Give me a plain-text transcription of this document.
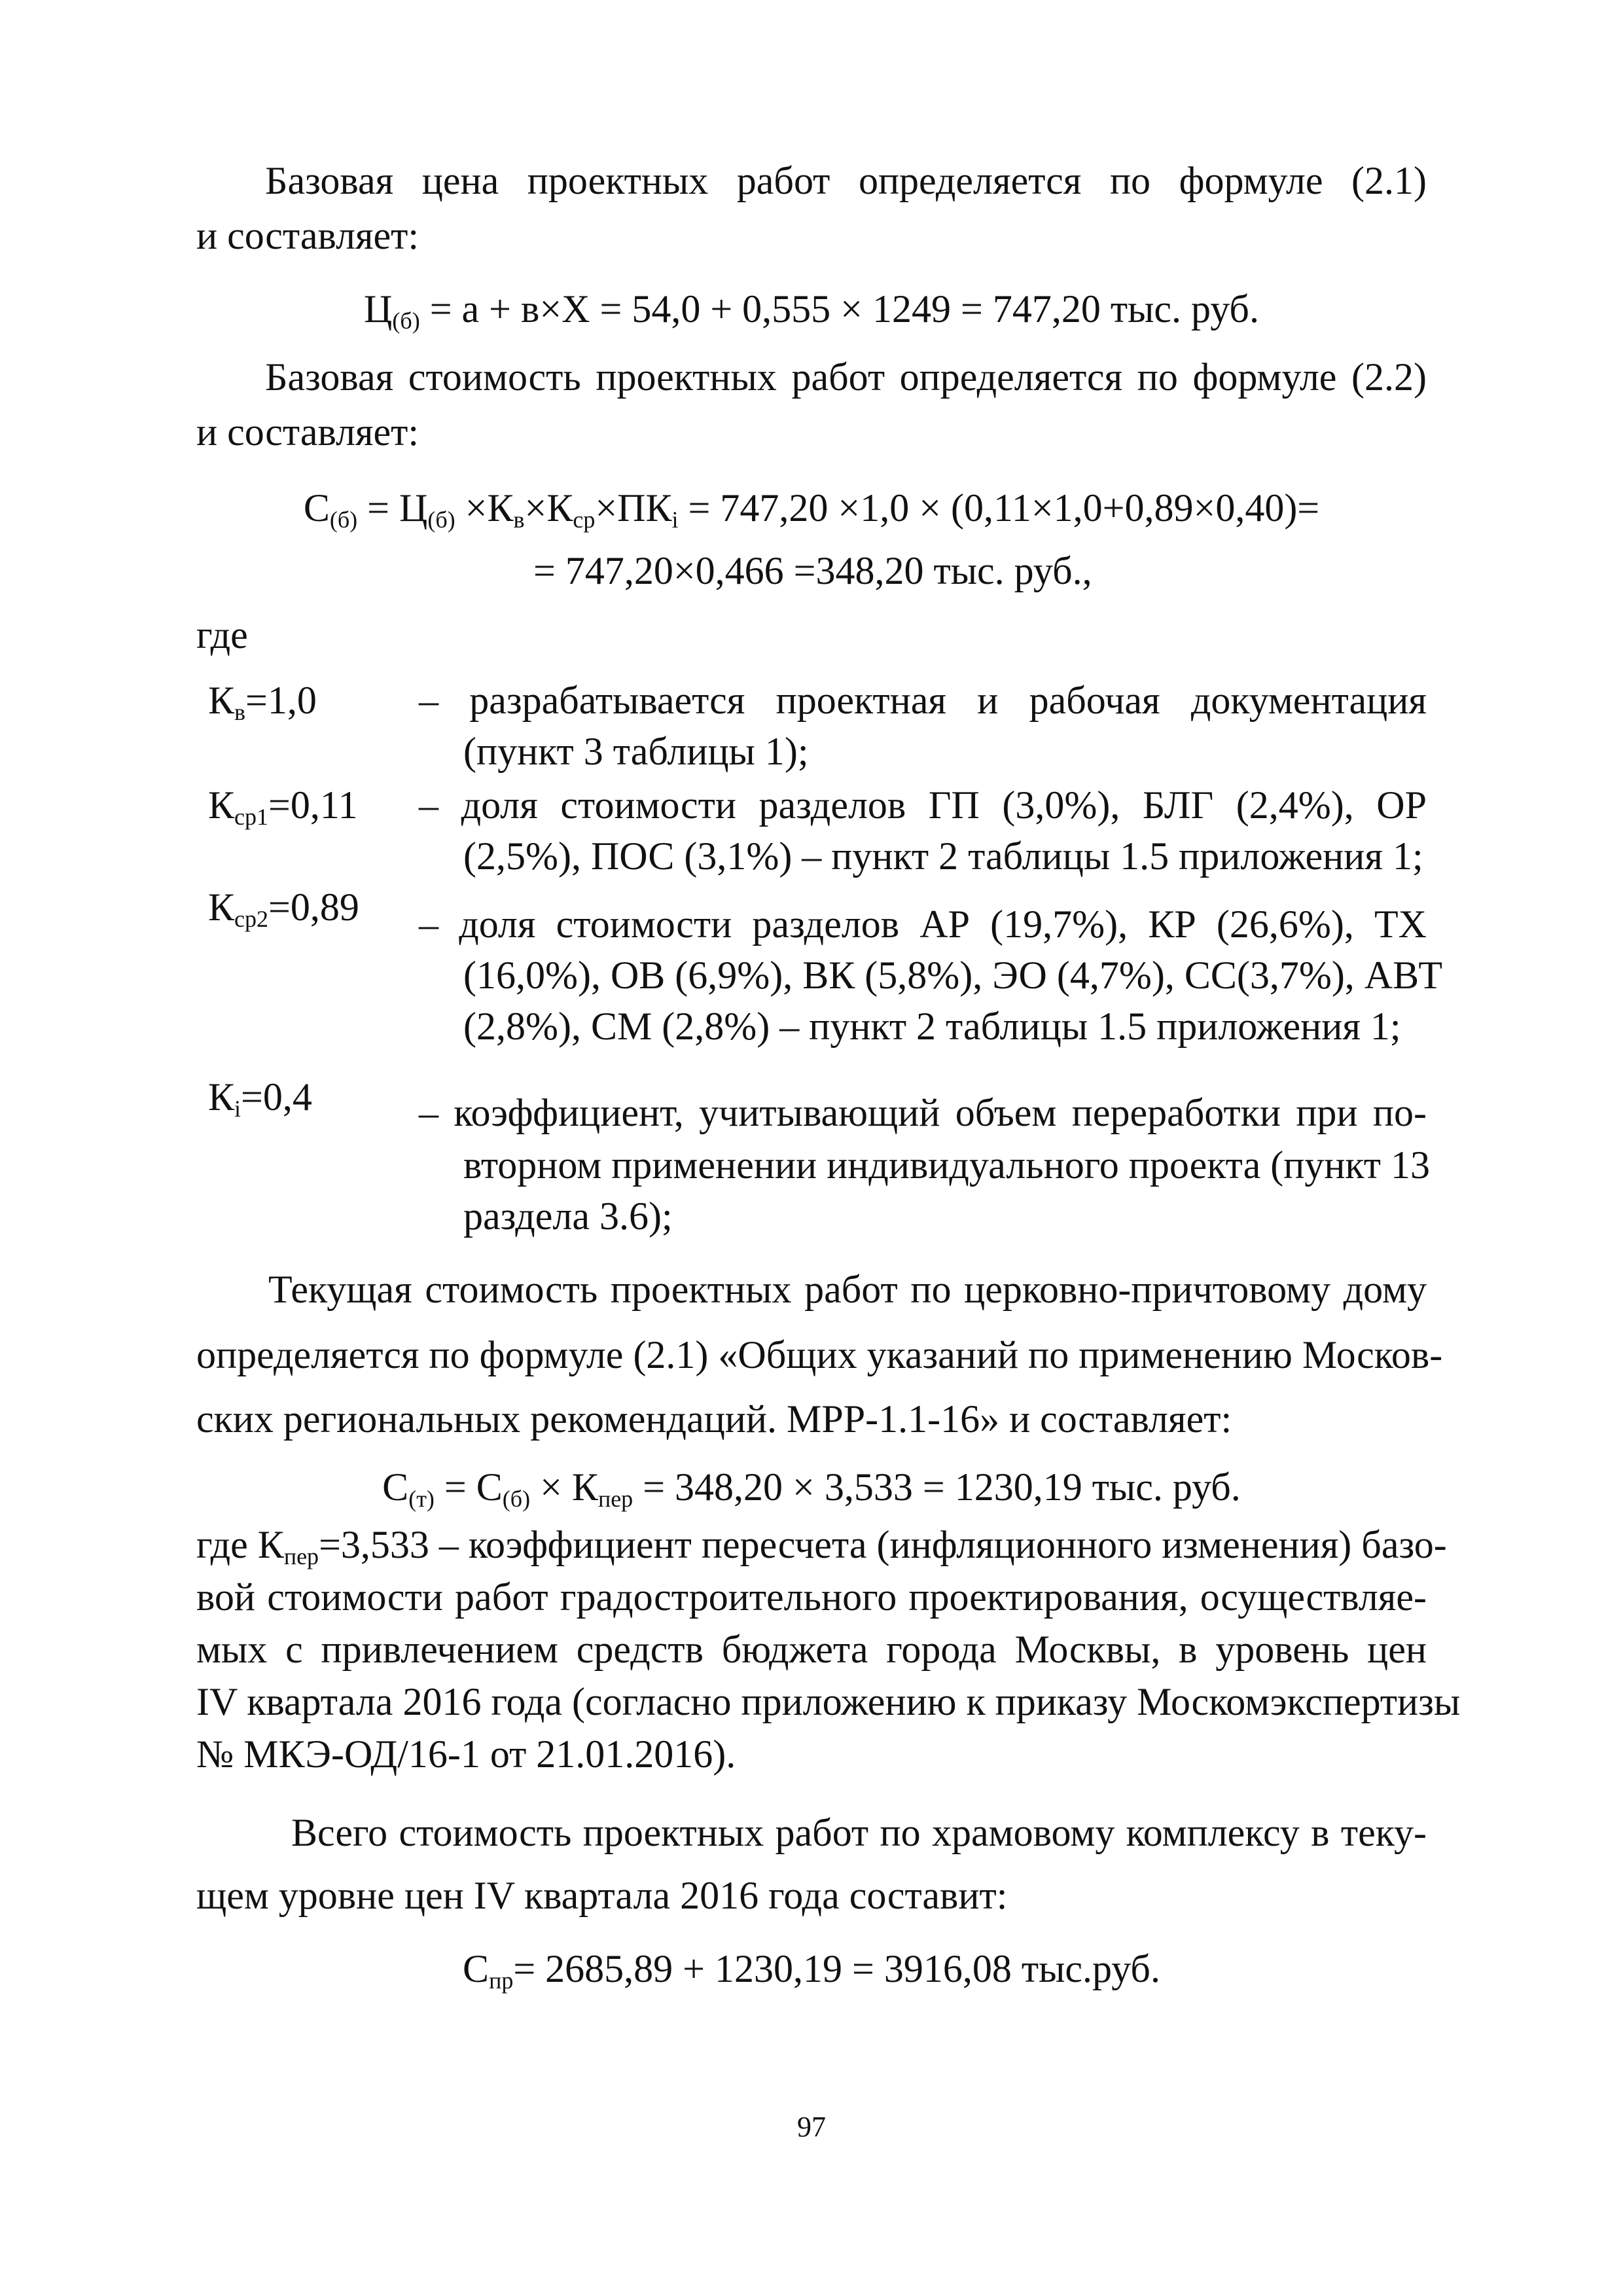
Базовая цена проектных работ определяется по формуле (2.1)
и составляет:
$Ц_{(б)} = а + в\times Х = 54,0 + 0,555 \times 1249 = 747,20$ тыс. руб.
Базовая стоимость проектных работ определяется по формуле (2.2)
и составляет:
$С_{(б)} = Ц_{(б)} \times К_в\times К_{ср}\times ПК_i = 747,20 \times 1,0 \times (0,11\times 1,0+0,89\times 0,40)=$
= 747,20×0,466 =348,20 тыс. руб.,
где
$К_в=1,0$	– разрабатывается проектная и рабочая документация
(пункт 3 таблицы 1);
$К_{ср1}=0,11$ – доля стоимости разделов ГП (3,0%), БЛГ (2,4%), ОР
(2,5%), ПОС (3,1%) – пункт 2 таблицы 1.5 приложения 1;
$К_{ср2}=0,89$ – доля стоимости разделов АР (19,7%), КР (26,6%), ТХ
(16,0%), ОВ (6,9%), ВК (5,8%), ЭО (4,7%), СС(3,7%), АВТ
(2,8%), СМ (2,8%) – пункт 2 таблицы 1.5 приложения 1;
$К_i=0,4$	– коэффициент, учитывающий объем переработки при по-
вторном применении индивидуального проекта (пункт 13
раздела 3.6);
Текущая стоимость проектных работ по церковно-причтовому дому
определяется по формуле (2.1) «Общих указаний по применению Москов-
ских региональных рекомендаций. МРР-1.1-16» и составляет:
$С_{(т)} = С_{(б)} \times К_{пер} = 348,20 \times 3,533 = 1230,19$ тыс. руб.
где $К_{пер}=3,533$ – коэффициент пересчета (инфляционного изменения) базо-
вой стоимости работ градостроительного проектирования, осуществляе-
мых с привлечением средств бюджета города Москвы, в уровень цен
IV квартала 2016 года (согласно приложению к приказу Москомэкспертизы
№ МКЭ-ОД/16-1 от 21.01.2016).
Всего стоимость проектных работ по храмовому комплексу в теку-
щем уровне цен IV квартала 2016 года составит:
$С_{пр}= 2685,89 + 1230,19 = 3916,08$ тыс.руб.
97
